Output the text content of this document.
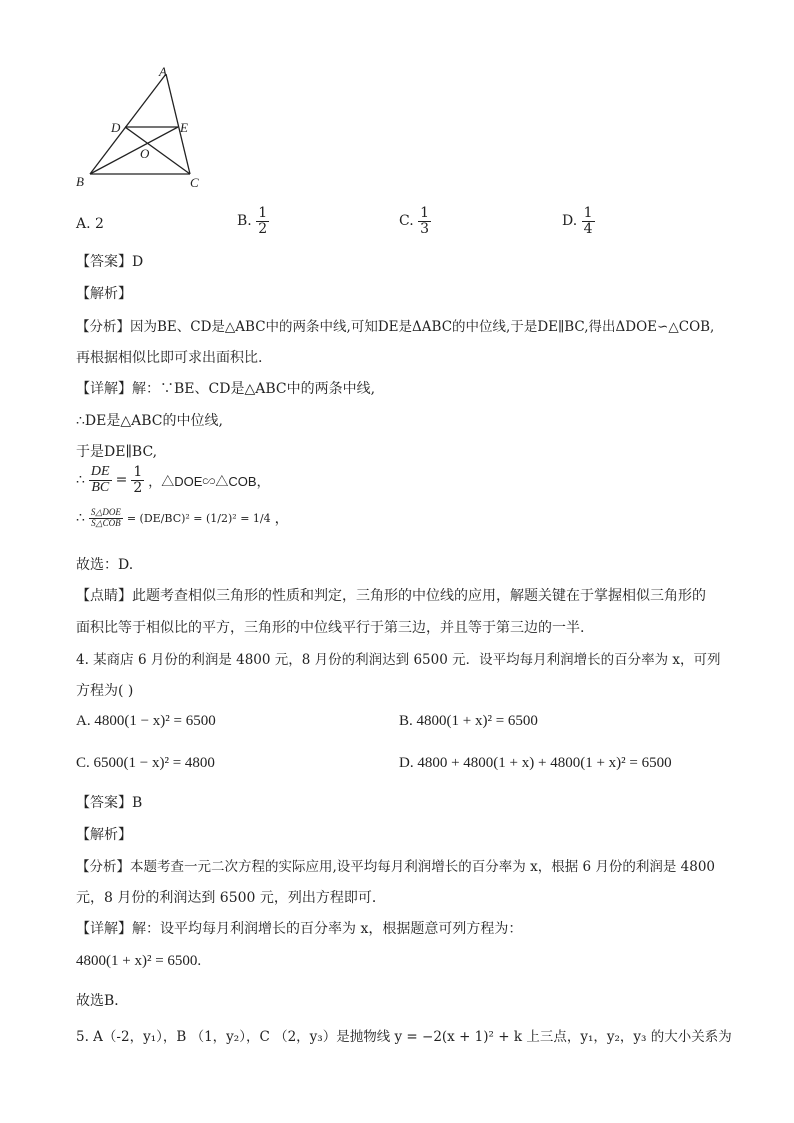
A
D	E
O
B	C
A. 2	B. $\frac{1}{2}$	C. $\frac{1}{3}$	D. $\frac{1}{4}$
【答案】D
【解析】
【分析】因为BE、CD是△ABC中的两条中线,可知DE是ΔABC的中位线,于是DE∥BC,得出ΔDOE∽△COB,
再根据相似比即可求出面积比.
【详解】解：∵BE、CD是△ABC中的两条中线,
∴DE是△ABC的中位线,
于是DE∥BC,
∴ $\frac{DE}{BC} = \frac{1}{2}$ ，△DOE∽△COB，
∴ $\frac{\text{S△DOE}}{\text{S△COB}} = (DE/BC)^2 = (1/2)^2 = 1/4$ ，
故选：D.
【点睛】此题考查相似三角形的性质和判定，三角形的中位线的应用，解题关键在于掌握相似三角形的
面积比等于相似比的平方，三角形的中位线平行于第三边，并且等于第三边的一半.
4. 某商店 6 月份的利润是 4800 元，8 月份的利润达到 6500 元．设平均每月利润增长的百分率为 x，可列
方程为( )
A. 4800(1 − x)² = 6500	B. 4800(1 + x)² = 6500
C. 6500(1 − x)² = 4800	D. 4800 + 4800(1 + x) + 4800(1 + x)² = 6500
【答案】B
【解析】
【分析】本题考查一元二次方程的实际应用,设平均每月利润增长的百分率为 x，根据 6 月份的利润是 4800
元，8 月份的利润达到 6500 元，列出方程即可．
【详解】解：设平均每月利润增长的百分率为 x，根据题意可列方程为：
4800(1 + x)² = 6500.
故选B．
5. A（-2，y₁），B （1，y₂），C （2，y₃）是抛物线 y = −2(x + 1)² + k 上三点，y₁，y₂，y₃ 的大小关系为
